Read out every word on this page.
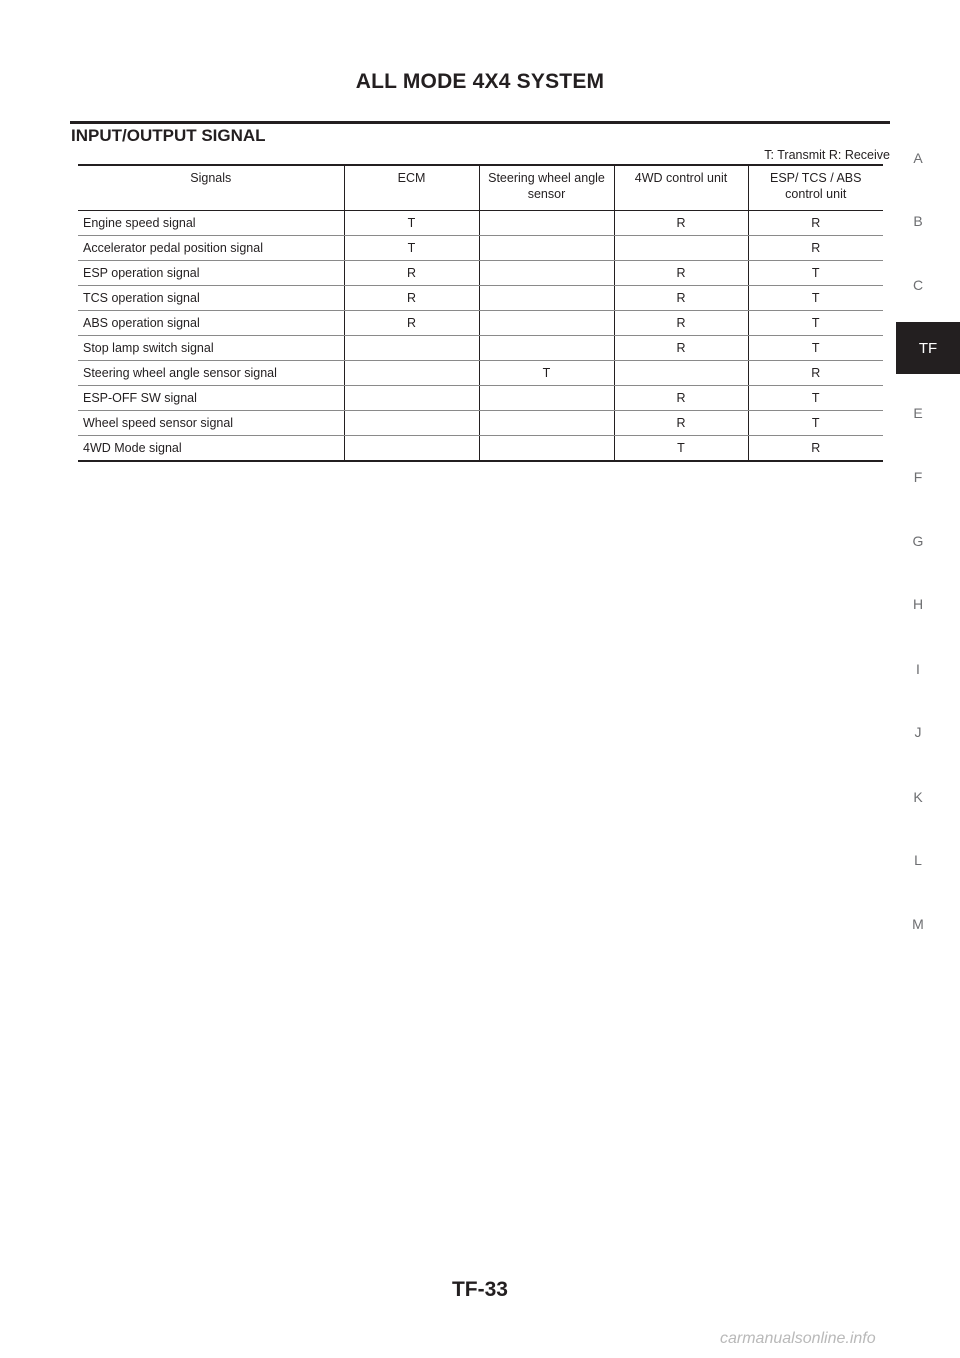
ALL MODE 4X4 SYSTEM
INPUT/OUTPUT SIGNAL
T: Transmit R: Receive
Signals	ECM	Steering wheel angle sensor	4WD control unit	ESP/ TCS / ABS control unit
Engine speed signal	T		R	R
Accelerator pedal position signal	T			R
ESP operation signal	R		R	T
TCS operation signal	R		R	T
ABS operation signal	R		R	T
Stop lamp switch signal			R	T
Steering wheel angle sensor signal		T		R
ESP-OFF SW signal			R	T
Wheel speed sensor signal			R	T
4WD Mode signal			T	R
A
B
C
TF
E
F
G
H
I
J
K
L
M
TF-33
carmanualsonline.info
